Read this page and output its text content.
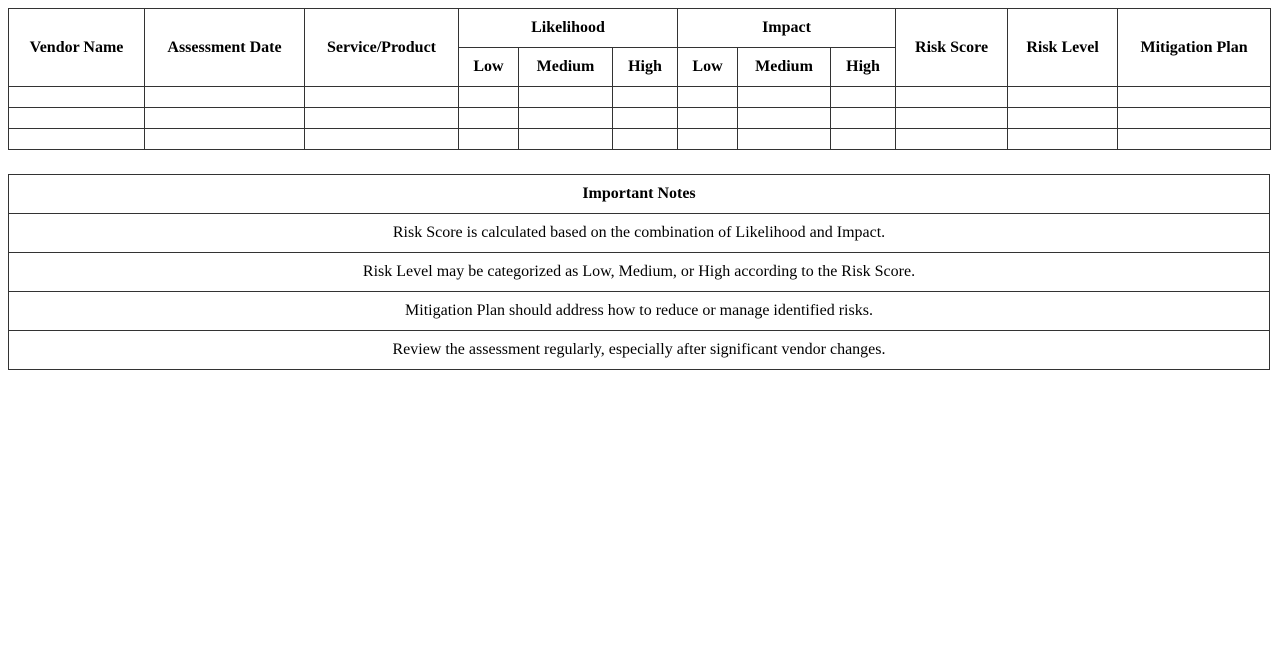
Vendor Name	Assessment Date	Service/Product	Likelihood			Impact			Risk Score	Risk Level	Mitigation Plan
			Low	Medium	High	Low	Medium	High			

Important Notes
Risk Score is calculated based on the combination of Likelihood and Impact.
Risk Level may be categorized as Low, Medium, or High according to the Risk Score.
Mitigation Plan should address how to reduce or manage identified risks.
Review the assessment regularly, especially after significant vendor changes.
